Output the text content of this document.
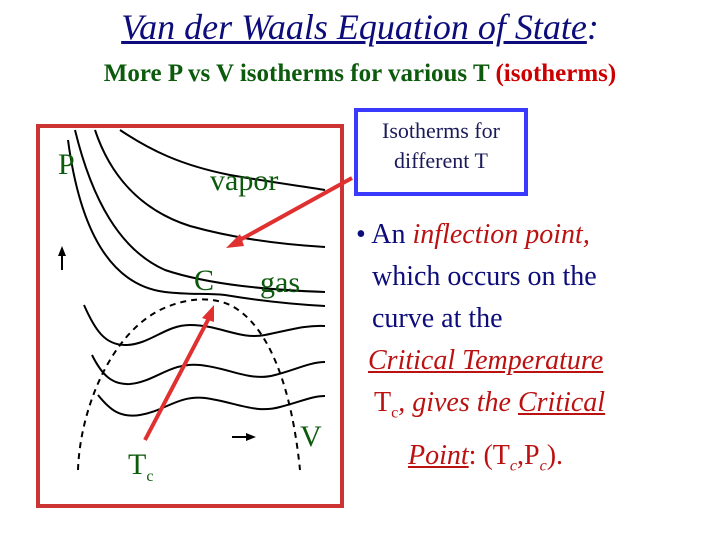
Van der Waals Equation of State:
More P vs V isotherms for various T (isotherms)
P	vapor
C gas
V
$T_c$
Isotherms for
different T
• An inflection point,
which occurs on the
curve at the
Critical Temperature
$T_c$, gives the Critical
Point: $(T_c,P_c)$.
